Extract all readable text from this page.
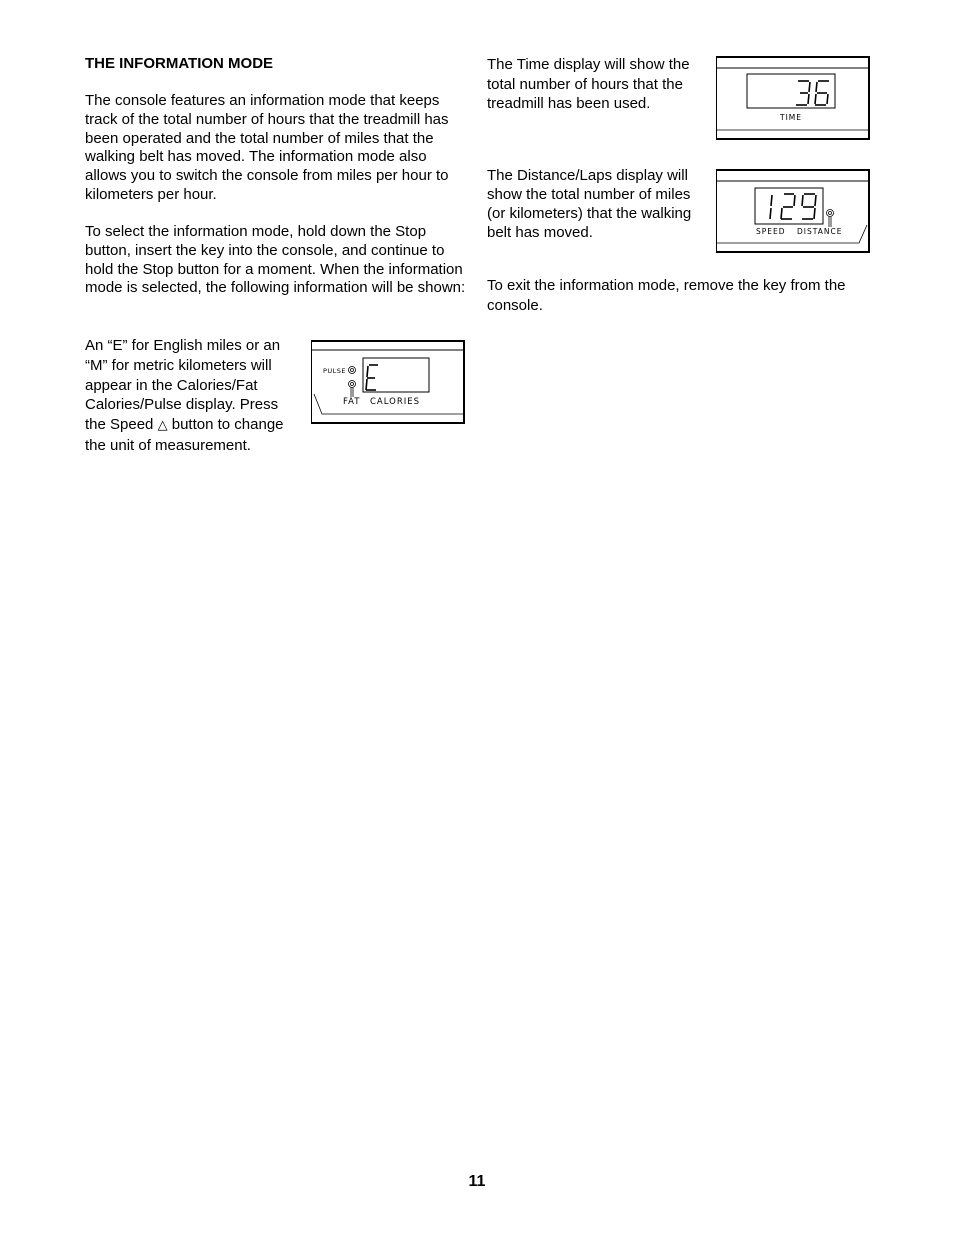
THE INFORMATION MODE

The console features an information mode that keeps track of the total number of hours that the treadmill has been operated and the total number of miles that the walking belt has moved. The information mode also allows you to switch the console from miles per hour to kilometers per hour.

To select the information mode, hold down the Stop button, insert the key into the console, and continue to hold the Stop button for a moment. When the information mode is selected, the following information will be shown:

An “E” for English miles or an “M” for metric kilometers will appear in the Calories/Fat Calories/Pulse display. Press the Speed △ button to change the unit of measurement.

PULSE
FAT CALORIES

The Time display will show the total number of hours that the treadmill has been used.

TIME

The Distance/Laps display will show the total number of miles (or kilometers) that the walking belt has moved.	SPEED DISTANCE

To exit the information mode, remove the key from the console.

11
